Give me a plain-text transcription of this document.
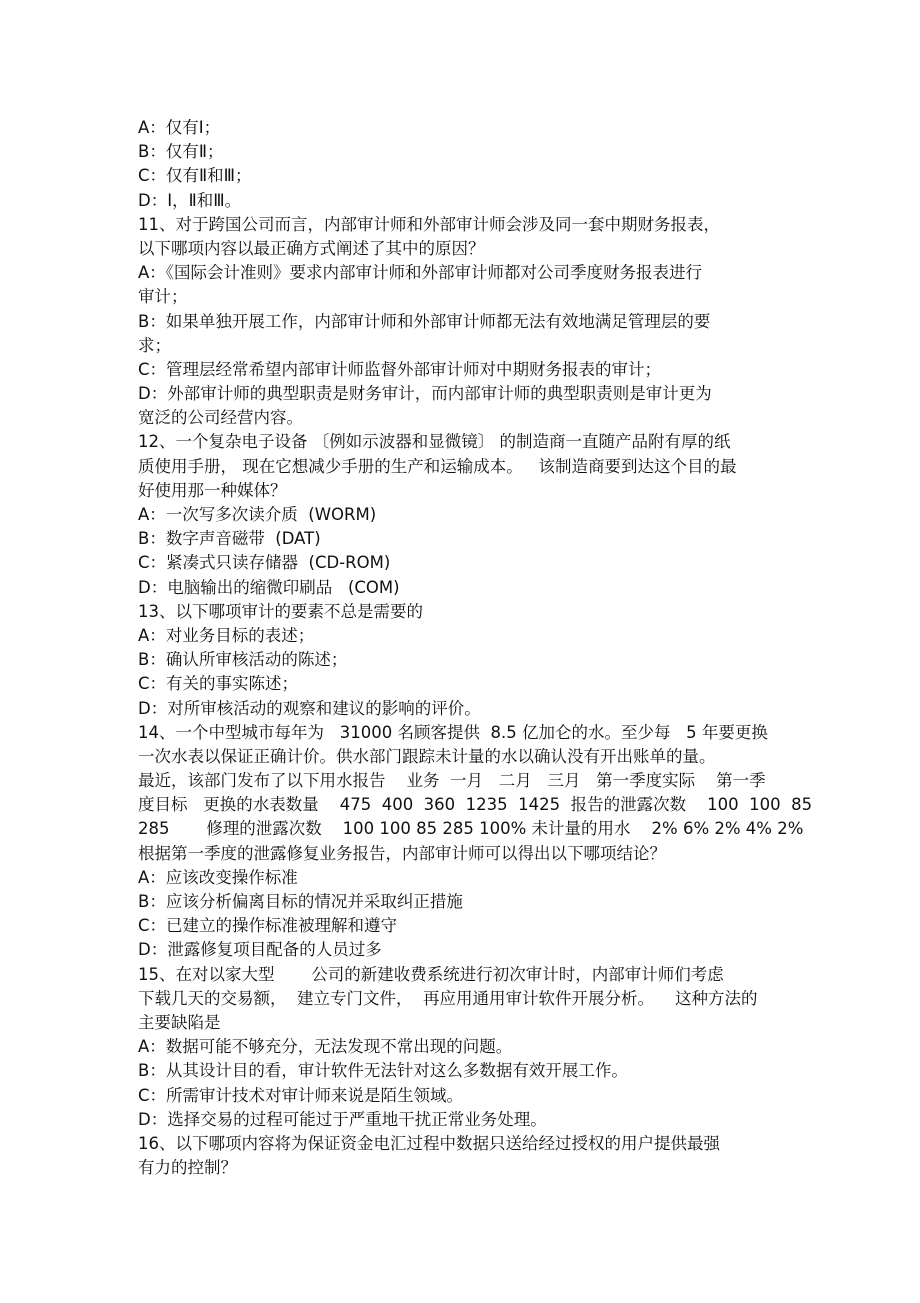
A：仅有Ⅰ；
B：仅有Ⅱ；
C：仅有Ⅱ和Ⅲ；
D：Ⅰ，Ⅱ和Ⅲ。
11、对于跨国公司而言，内部审计师和外部审计师会涉及同一套中期财务报表，
以下哪项内容以最正确方式阐述了其中的原因？
A：《国际会计准则》要求内部审计师和外部审计师都对公司季度财务报表进行
审计；
B：如果单独开展工作，内部审计师和外部审计师都无法有效地满足管理层的要
求；
C：管理层经常希望内部审计师监督外部审计师对中期财务报表的审计；
D：外部审计师的典型职责是财务审计，而内部审计师的典型职责则是审计更为
宽泛的公司经营内容。
12、一个复杂电子设备 〔例如示波器和显微镜〕 的制造商一直随产品附有厚的纸
质使用手册， 现在它想减少手册的生产和运输成本。   该制造商要到达这个目的最
好使用那一种媒体？
A：一次写多次读介质  (WORM)
B：数字声音磁带  (DAT)
C：紧凑式只读存储器  (CD-ROM)
D：电脑输出的缩微印刷品   (COM)
13、以下哪项审计的要素不总是需要的
A：对业务目标的表述；
B：确认所审核活动的陈述；
C：有关的事实陈述；
D：对所审核活动的观察和建议的影响的评价。
14、一个中型城市每年为   31000 名顾客提供  8.5 亿加仑的水。至少每   5 年要更换
一次水表以保证正确计价。供水部门跟踪未计量的水以确认没有开出账单的量。
最近，该部门发布了以下用水报告    业务  一月   二月   三月   第一季度实际    第一季
度目标   更换的水表数量    475  400  360  1235  1425  报告的泄露次数    100  100  85
285       修理的泄露次数    100 100 85 285 100% 未计量的用水    2% 6% 2% 4% 2%
根据第一季度的泄露修复业务报告，内部审计师可以得出以下哪项结论？
A：应该改变操作标准
B：应该分析偏离目标的情况并采取纠正措施
C：已建立的操作标准被理解和遵守
D：泄露修复项目配备的人员过多
15、在对以家大型       公司的新建收费系统进行初次审计时，内部审计师们考虑
下载几天的交易额，  建立专门文件，  再应用通用审计软件开展分析。    这种方法的
主要缺陷是
A：数据可能不够充分，无法发现不常出现的问题。
B：从其设计目的看，审计软件无法针对这么多数据有效开展工作。
C：所需审计技术对审计师来说是陌生领域。
D：选择交易的过程可能过于严重地干扰正常业务处理。
16、以下哪项内容将为保证资金电汇过程中数据只送给经过授权的用户提供最强
有力的控制？
